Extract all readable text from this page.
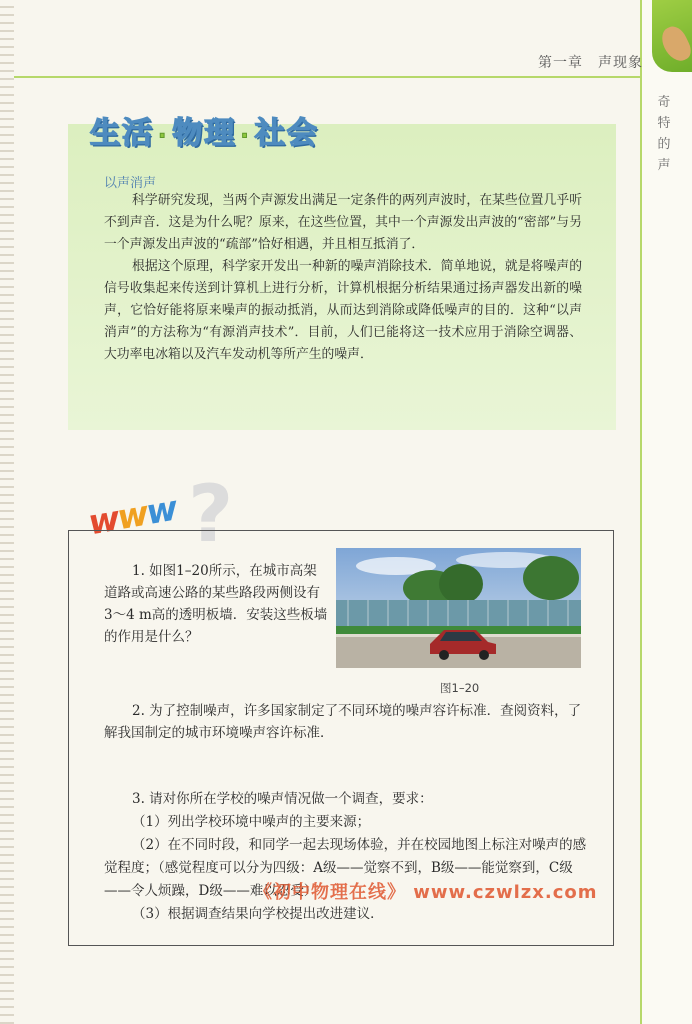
第一章　声现象
奇特的声
生活 · 物理 · 社会
以声消声

科学研究发现，当两个声源发出满足一定条件的两列声波时，在某些位置几乎听不到声音．这是为什么呢？原来，在这些位置，其中一个声源发出声波的“密部”与另一个声源发出声波的“疏部”恰好相遇，并且相互抵消了．

根据这个原理，科学家开发出一种新的噪声消除技术．简单地说，就是将噪声的信号收集起来传送到计算机上进行分析，计算机根据分析结果通过扬声器发出新的噪声，它恰好能将原来噪声的振动抵消，从而达到消除或降低噪声的目的．这种“以声消声”的方法称为“有源消声技术”．目前，人们已能将这一技术应用于消除空调器、大功率电冰箱以及汽车发动机等所产生的噪声．

?
www

1. 如图1–20所示，在城市高架道路或高速公路的某些路段两侧设有3～4 m高的透明板墙．安装这些板墙的作用是什么？

图1–20

2. 为了控制噪声，许多国家制定了不同环境的噪声容许标准．查阅资料，了解我国制定的城市环境噪声容许标准．

3. 请对你所在学校的噪声情况做一个调查，要求：
（1）列出学校环境中噪声的主要来源；
（2）在不同时段，和同学一起去现场体验，并在校园地图上标注对噪声的感觉程度；（感觉程度可以分为四级：A级——觉察不到，B级——能觉察到，C级——令人烦躁，D级——难以忍受）
（3）根据调查结果向学校提出改进建议．
《初中物理在线》 www.czwlzx.com
